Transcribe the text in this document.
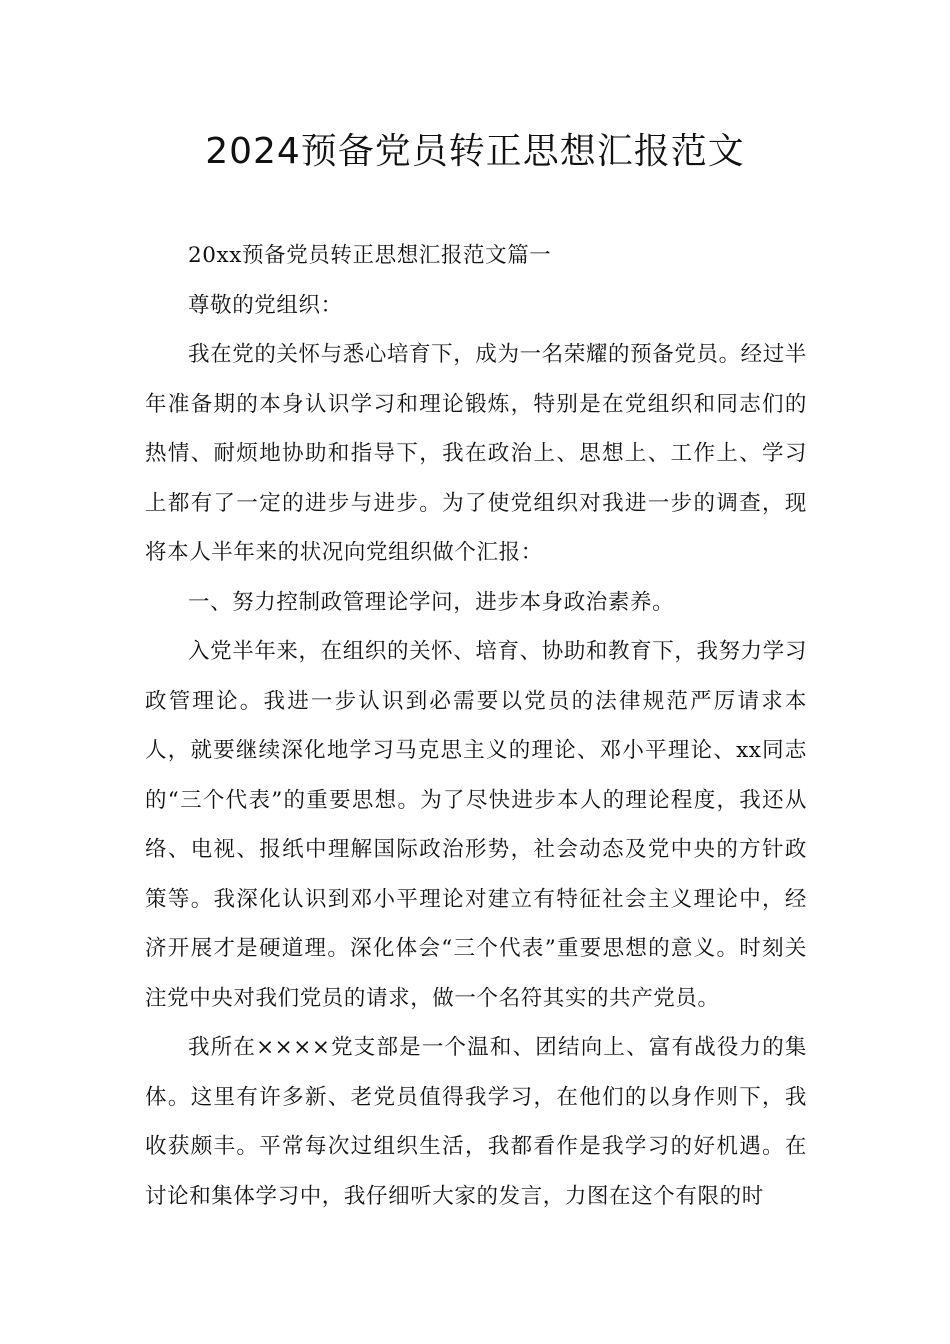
2024预备党员转正思想汇报范文

20xx预备党员转正思想汇报范文篇一

尊敬的党组织：

我在党的关怀与悉心培育下，成为一名荣耀的预备党员。经过半年准备期的本身认识学习和理论锻炼，特别是在党组织和同志们的热情、耐烦地协助和指导下，我在政治上、思想上、工作上、学习上都有了一定的进步与进步。为了使党组织对我进一步的调查，现将本人半年来的状况向党组织做个汇报：

一、努力控制政管理论学问，进步本身政治素养。

入党半年来，在组织的关怀、培育、协助和教育下，我努力学习政管理论。我进一步认识到必需要以党员的法律规范严厉请求本人，就要继续深化地学习马克思主义的理论、邓小平理论、xx同志的“三个代表”的重要思想。为了尽快进步本人的理论程度，我还从络、电视、报纸中理解国际政治形势，社会动态及党中央的方针政策等。我深化认识到邓小平理论对建立有特征社会主义理论中，经济开展才是硬道理。深化体会“三个代表”重要思想的意义。时刻关注党中央对我们党员的请求，做一个名符其实的共产党员。

我所在××××党支部是一个温和、团结向上、富有战役力的集体。这里有许多新、老党员值得我学习，在他们的以身作则下，我收获颇丰。平常每次过组织生活，我都看作是我学习的好机遇。在讨论和集体学习中，我仔细听大家的发言，力图在这个有限的时
